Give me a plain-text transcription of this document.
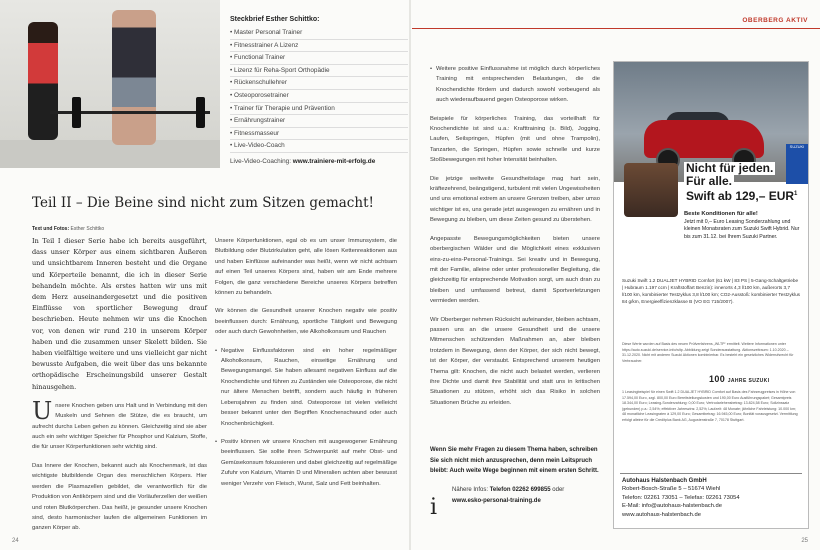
Steckbrief Esther Schittko:
• Master Personal Trainer
• Fitnesstrainer A Lizenz
• Functional Trainer
• Lizenz für Reha-Sport Orthopädie
• Rückenschullehrer
• Osteoporosetrainer
• Trainer für Therapie und Prävention
• Ernährungstrainer
• Fitnessmasseur
• Live-Video-Coach
Live-Video-Coaching: www.trainiere-mit-erfolg.de
Teil II – Die Beine sind nicht zum Sitzen gemacht!
Text und Fotos: Esther Schittko

In Teil I dieser Serie habe ich bereits ausgeführt, dass unser Körper aus einem sichtbaren Äußeren und unsichtbarem Inneren besteht und die Organe und Körperteile benannt, die ich in dieser Serie behandeln möchte. Als erstes hatten wir uns mit dem Herz auseinandergesetzt und die positiven Einflüsse von sportlicher Bewegung drauf beschrieben. Heute nehmen wir uns die Knochen vor, von denen wir rund 210 in unserem Körper haben und die zusammen unser Skelett bilden. Sie haben vielfältige weitere und uns vielleicht gar nicht bewusste Aufgaben, die weit über das uns bekannte orthopädische Erscheinungsbild unserer Gestalt hinausgehen.

Unsere Knochen geben uns Halt und in Verbindung mit den Muskeln und Sehnen die Stütze, die es braucht, um aufrecht durchs Leben gehen zu können. Gleichzeitig sind sie aber auch ein sehr wichtiger Speicher für Phosphor und Kalzium, Stoffe, die für unser Körperfunktionen sehr wichtig sind.

Das Innere der Knochen, bekannt auch als Knochenmark, ist das wichtigste blutbildende Organ des menschlichen Körpers. Hier werden die Plasmazellen gebildet, die verantwortlich für die Produktion von Antikörpern sind und die Vorläuferzellen der weißen und roten Blutkörperchen. Das heißt, je gesunder unsere Knochen sind, desto harmonischer laufen die allgemeinen Funktionen im ganzen Körper ab.

Unsere Körperfunktionen, egal ob es um unser Immunsystem, die Blutbildung oder Blutzirkulation geht, alle lösen Kettenreaktionen aus und haben Einflüsse aufeinander was heißt, wenn wir nicht achtsam auf einen Teil unseres Körpers sind, haben wir am Ende mehrere Folgen, die ganz verschiedene Bereiche unseres Körpers betreffen können zu behandeln.

Wir können die Gesundheit unserer Knochen negativ wie positiv beeinflussen durch: Ernährung, sportliche Tätigkeit und Bewegung oder auch durch Gewohnheiten, wie Alkoholkonsum und Rauchen

• Negative Einflussfaktoren sind ein hoher regelmäßiger Alkoholkonsum, Rauchen, einseitige Ernährung und Bewegungsmangel. Sie haben allesamt negativen Einfluss auf die Knochendichte und führen zu Zuständen wie Osteoporose, die nicht nur ältere Menschen betrifft, sondern auch häufig in früheren Lebensjahren zu finden sind. Osteoporose ist vielen vielleicht besser bekannt unter den Begriffen Knochenschwund oder auch Knochenbrüchigkeit.
• Positiv können wir unsere Knochen mit ausgewogener Ernährung beeinflussen. Sie sollte ihren Schwerpunkt auf mehr Obst- und Gemüsekonsum fokussieren und dabei gleichzeitig auf regelmäßige Zufuhr von Kalzium, Vitamin D und Mineralien achten aber bewusst weniger Verzehr von Fleisch, Wurst, Salz und Fett beinhalten.
OBERBERG AKTIV
• Weitere positive Einflussnahme ist möglich durch körperliches Training mit entsprechenden Belastungen, die die Knochendichte fördern und dadurch sowohl vorbeugend als auch wiederaufbauend gegen Osteoporose wirken.

Beispiele für körperliches Training, das vorteilhaft für Knochendichte ist sind u.a.: Krafttraining (s. Bild), Jogging, Laufen, Seilspringen, Hüpfen (mit und ohne Trampolin), Tanzarten, die Springen, Hüpfen sowie schnelle und kurze Stoßbewegungen mit hoher Intensität beinhalten.

Die jetzige weltweite Gesundheitslage mag hart sein, kräftezehrend, beängstigend, turbulent mit vielen Ungewissheiten und uns emotional extrem an unsere Grenzen treiben, aber umso wichtiger ist es, uns gerade jetzt ausgewogen zu ernähren und in Bewegung zu bleiben, um diese Zeiten gesund zu überstehen.

Angepasste Bewegungsmöglichkeiten bieten unsere oberbergischen Wälder und die Möglichkeit eines exklusiven eins-zu-eins-Personal-Trainings. Sei kreativ und in Bewegung, mit der Familie, alleine oder unter professioneller Begleitung, die gleichzeitig für entsprechende Motivation sorgt, um auch dran zu bleiben und umfassend betreut, damit Sportverletzungen vermieden werden.

Wir Oberberger nehmen Rücksicht aufeinander, bleiben achtsam, passen uns an die unsere Gesundheit und die unsere Mitmenschen schützenden Maßnahmen an, aber bleiben trotzdem in Bewegung, denn der Körper, der sich nicht bewegt, ist der Körper, der verstaubt. Entsprechend unserem heutigen Thema gilt: Knochen, die nicht auch belastet werden, verlieren ihre Dichte und damit ihre Stabilität und statt uns in kritischen Situationen zu stützen, erhöht sich das Risiko in solchen Situationen Brüche zu erleiden.

Wenn Sie mehr Fragen zu diesem Thema haben, schreiben Sie sich nicht mich anzusprechen, denn mein Leitspruch bleibt: Auch weite Wege beginnen mit einem ersten Schritt.
i
Nähere Infos: Telefon 02262 699855 oder
www.esko-personal-training.de
SUZUKI
Nicht für jeden.
Für alle.
Swift ab 129,– EUR$^1$
Beste Konditionen für alle!
Jetzt mit 0,– Euro Leasing Sonderzahlung und kleinen Monatsraten zum Suzuki Swift Hybrid. Nur bis zum 31.12. bei Ihrem Suzuki Partner.
Suzuki Swift 1.2 DUALJET HYBRID Comfort (61 kW | 83 PS | 5-Gang-Schaltgetriebe | Hubraum 1.197 ccm | Kraftstoffart Benzin): innerorts 4,3 l/100 km, außerorts 3,7 l/100 km, kombinierter Testzyklus 3,8 l/100 km; CO2-Ausstoß: kombinierter Testzyklus 84 g/km, Energieeffizienzklasse B (VO EG 715/2007).
Diese Werte wurden auf Basis des neuen Prüfverfahrens „WLTP“ ermittelt. Weitere Informationen unter https://auto.suzuki.de/service-info/wltp. Abbildung zeigt Sonderausstattung. Aktionszeitraum: 1.10.2020 – 31.12.2020. Nicht mit anderen Suzuki Aktionen kombinierbar. Es besteht ein gesetzliches Widerrufsrecht für Verbraucher.
100 JAHRE SUZUKI
1 Leasingbeispiel für einen Swift 1.2 DUALJET HYBRID Comfort auf Basis des Fahrzeugpreises in Höhe von 17.594,00 Euro, zzgl. 800,00 Euro Bereitstellungskosten und 190,00 Euro Ausführungspaket; Gesamtpreis 18.344,00 Euro; Leasing-Sonderzahlung: 0,00 Euro; Vertrodarlehensbetrag: 13.824,58 Euro; Sollzinssatz (gebunden) p.a.: 2,54%; effektiver Jahreszins: 2,52%; Laufzeit: 48 Monate; jährliche Fahrleistung: 10.000 km; 48 monatliche Leasingraten à 129,00 Euro; Gesamtbetrag: 16.945,00 Euro; Bonität vorausgesetzt. Vermittlung erfolgt alleine für die Creditplus Bank AG, Augustenstraße 7, 70178 Stuttgart.
Autohaus Halstenbach GmbH
Robert-Bosch-Straße 5 – 51674 Wiehl
Telefon: 02261 73051 – Telefax: 02261 73054
E-Mail: info@autohaus-halstenbach.de
www.autohaus-halstenbach.de
24	25
